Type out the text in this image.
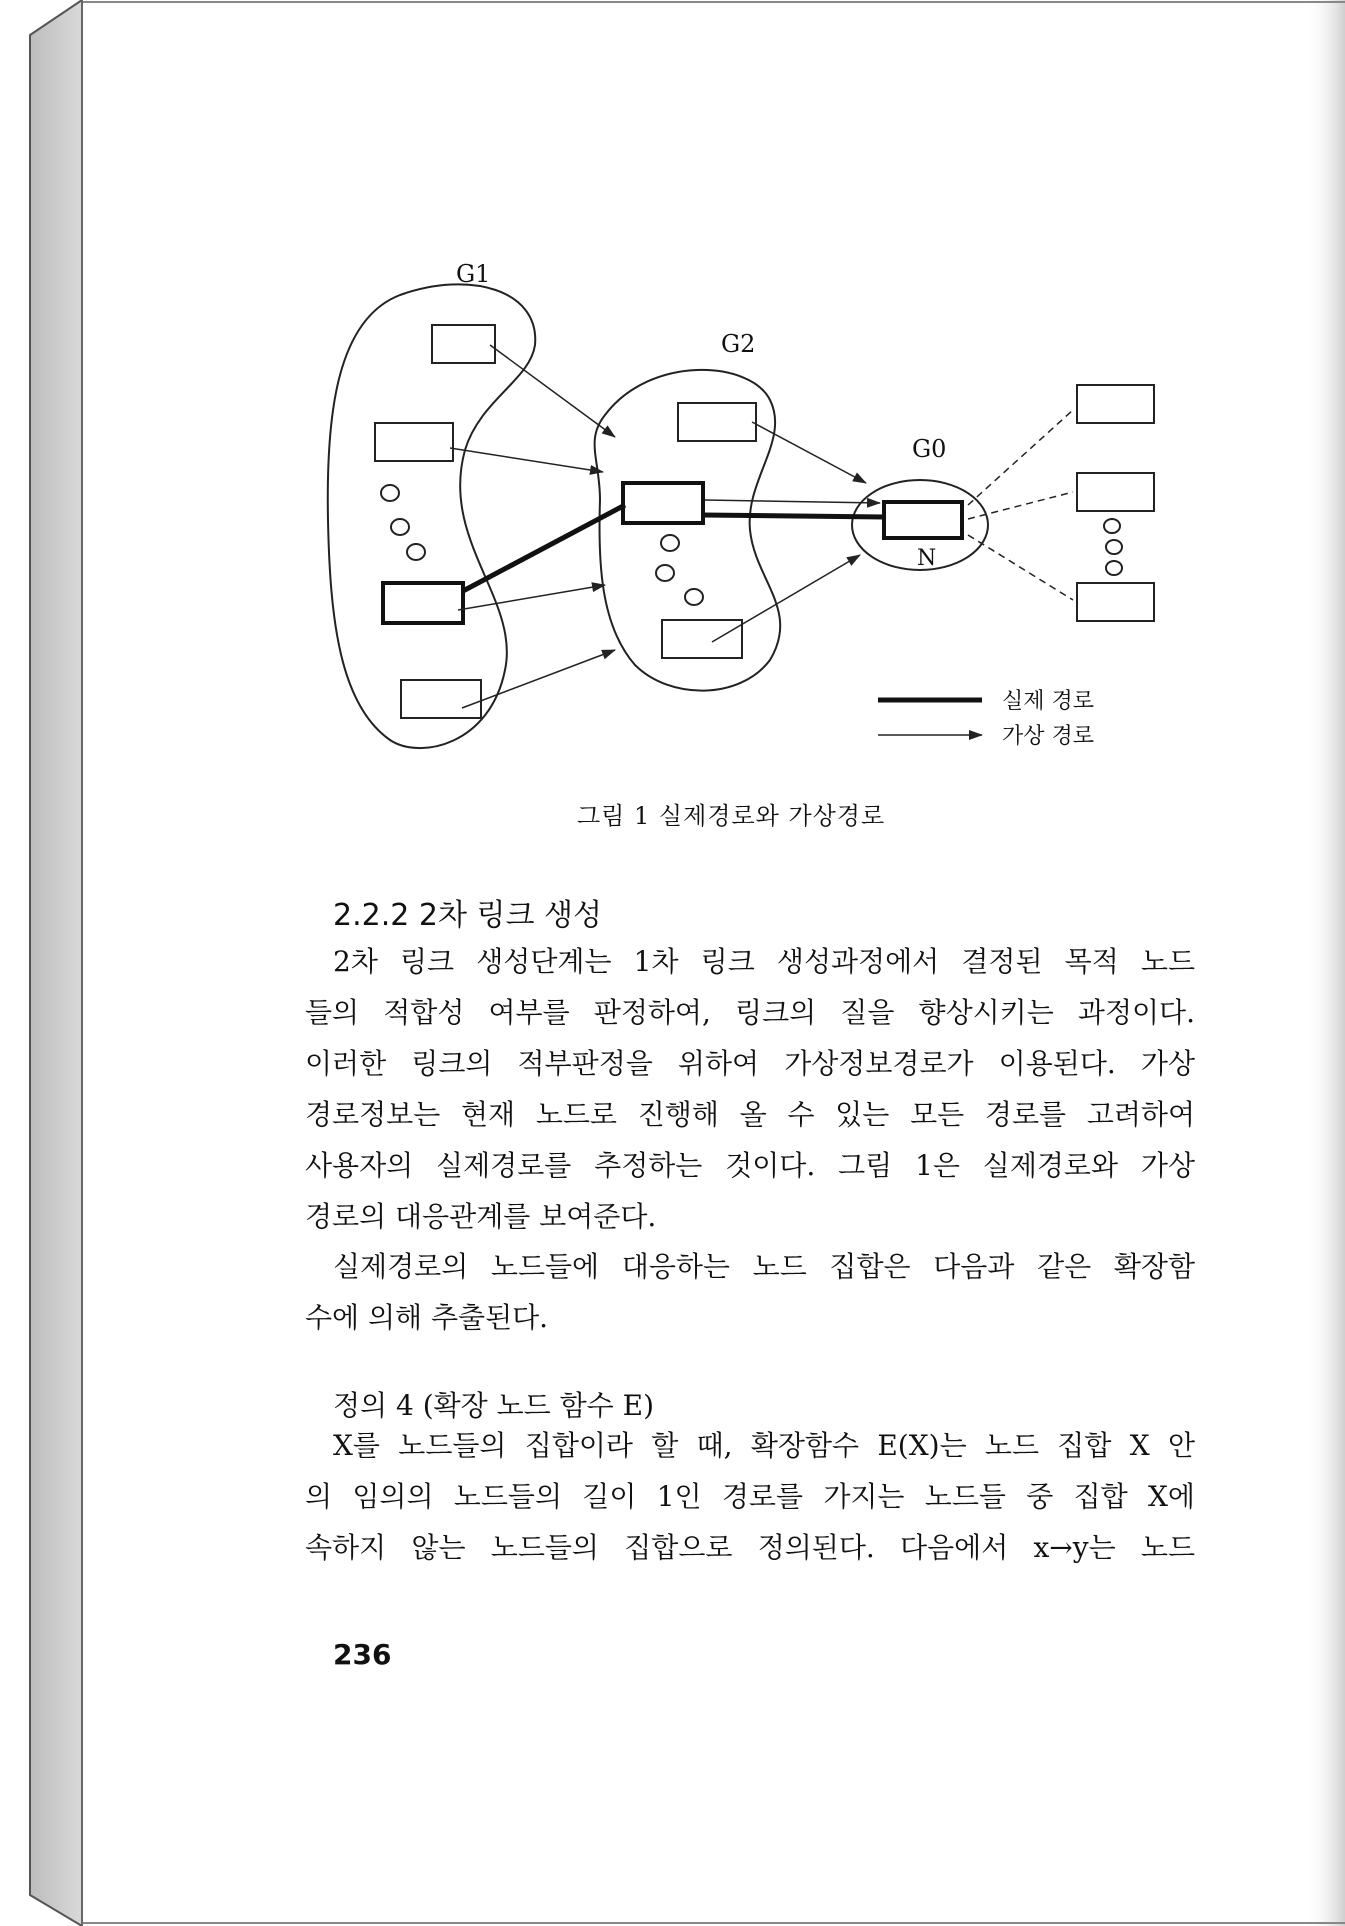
G1
G2
G0
N
실제 경로
가상 경로
그림 1 실제경로와 가상경로
2.2.2 2차 링크 생성
2차 링크 생성단계는 1차 링크 생성과정에서 결정된 목적 노드
들의 적합성 여부를 판정하여, 링크의 질을 향상시키는 과정이다.
이러한 링크의 적부판정을 위하여 가상정보경로가 이용된다. 가상
경로정보는 현재 노드로 진행해 올 수 있는 모든 경로를 고려하여
사용자의 실제경로를 추정하는 것이다. 그림 1은 실제경로와 가상
경로의 대응관계를 보여준다.
실제경로의 노드들에 대응하는 노드 집합은 다음과 같은 확장함
수에 의해 추출된다.
정의 4 (확장 노드 함수 E)
X를 노드들의 집합이라 할 때, 확장함수 E(X)는 노드 집합 X 안
의 임의의 노드들의 길이 1인 경로를 가지는 노드들 중 집합 X에
속하지 않는 노드들의 집합으로 정의된다. 다음에서 x→y는 노드
236
